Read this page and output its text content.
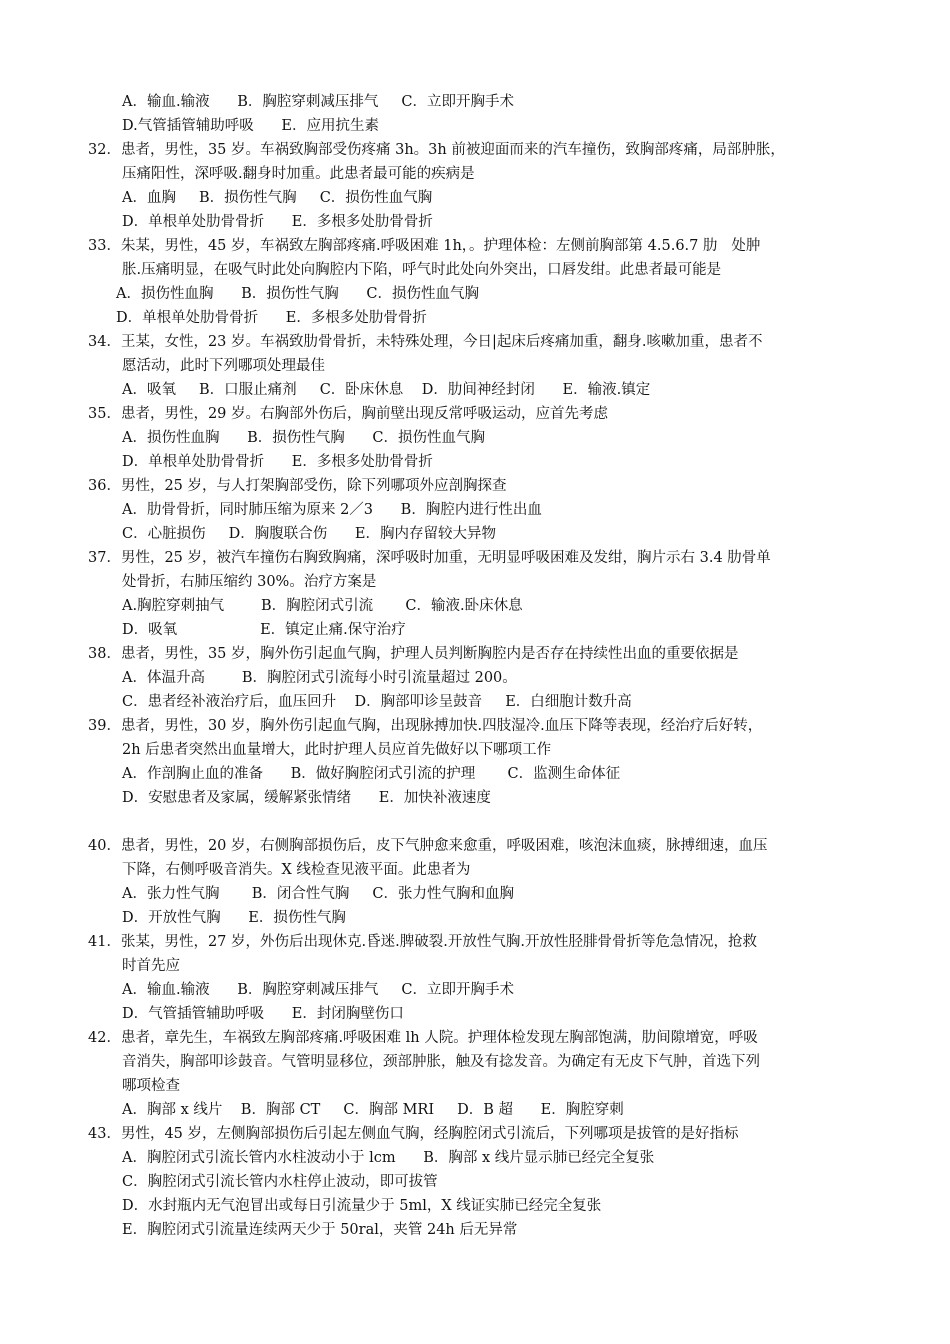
A．输血.输液      B．胸腔穿刺减压排气     C．立即开胸手术
D.气管插管辅助呼吸      E．应用抗生素
32．患者，男性，35 岁。车祸致胸部受伤疼痛 3h。3h 前被迎面而来的汽车撞伤，致胸部疼痛，局部肿胀，
压痛阳性，深呼吸.翻身时加重。此患者最可能的疾病是
A．血胸     B．损伤性气胸     C．损伤性血气胸
D．单根单处肋骨骨折      E．多根多处肋骨骨折
33．朱某，男性，45 岁，车祸致左胸部疼痛.呼吸困难 1h，。护理体检：左侧前胸部第 4.5.6.7 肋   处肿
胀.压痛明显，在吸气时此处向胸腔内下陷，呼气时此处向外突出，口唇发绀。此患者最可能是
A．损伤性血胸      B．损伤性气胸      C．损伤性血气胸
D．单根单处肋骨骨折      E．多根多处肋骨骨折
34．王某，女性，23 岁。车祸致肋骨骨折，未特殊处理，今日|起床后疼痛加重，翻身.咳嗽加重，患者不
愿活动，此时下列哪项处理最佳
A．吸氧     B．口服止痛剂     C．卧床休息    D．肋间神经封闭      E．输液.镇定
35．患者，男性，29 岁。右胸部外伤后，胸前壁出现反常呼吸运动，应首先考虑
A．损伤性血胸      B．损伤性气胸      C．损伤性血气胸
D．单根单处肋骨骨折      E．多根多处肋骨骨折
36．男性，25 岁，与人打架胸部受伤，除下列哪项外应剖胸探查
A．肋骨骨折，同时肺压缩为原来 2／3      B．胸腔内进行性出血
C．心脏损伤     D．胸腹联合伤      E．胸内存留较大异物
37．男性，25 岁，被汽车撞伤右胸致胸痛，深呼吸时加重，无明显呼吸困难及发绀，胸片示右 3.4 肋骨单
处骨折，右肺压缩约 30%。治疗方案是
A.胸腔穿刺抽气        B．胸腔闭式引流       C．输液.卧床休息
D．吸氧                  E．镇定止痛.保守治疗
38．患者，男性，35 岁，胸外伤引起血气胸，护理人员判断胸腔内是否存在持续性出血的重要依据是
A．体温升高        B．胸腔闭式引流每小时引流量超过 200。
C．患者经补液治疗后，血压回升    D．胸部叩诊呈鼓音     E．白细胞计数升高
39．患者，男性，30 岁，胸外伤引起血气胸，出现脉搏加快.四肢湿冷.血压下降等表现，经治疗后好转，
2h 后患者突然出血量增大，此时护理人员应首先做好以下哪项工作
A．作剖胸止血的准备      B．做好胸腔闭式引流的护理       C．监测生命体征
D．安慰患者及家属，缓解紧张情绪      E．加快补液速度
40．患者，男性，20 岁，右侧胸部损伤后，皮下气肿愈来愈重，呼吸困难，咳泡沫血痰，脉搏细速，血压
下降，右侧呼吸音消失。X 线检查见液平面。此患者为
A．张力性气胸       B．闭合性气胸     C．张力性气胸和血胸
D．开放性气胸      E．损伤性气胸
41．张某，男性，27 岁，外伤后出现休克.昏迷.脾破裂.开放性气胸.开放性胫腓骨骨折等危急情况，抢救
时首先应
A．输血.输液      B．胸腔穿刺减压排气     C．立即开胸手术
D．气管插管辅助呼吸      E．封闭胸壁伤口
42．患者，章先生，车祸致左胸部疼痛.呼吸困难 lh 人院。护理体检发现左胸部饱满，肋间隙增宽，呼吸
音消失，胸部叩诊鼓音。气管明显移位，颈部肿胀，触及有捻发音。为确定有无皮下气肿，首选下列
哪项检查
A．胸部 x 线片    B．胸部 CT     C．胸部 MRI     D．B 超      E．胸腔穿刺
43．男性，45 岁，左侧胸部损伤后引起左侧血气胸，经胸腔闭式引流后，下列哪项是拔管的是好指标
A．胸腔闭式引流长管内水柱波动小于 lcm      B．胸部 x 线片显示肺已经完全复张
C．胸腔闭式引流长管内水柱停止波动，即可拔管
D．水封瓶内无气泡冒出或每日引流量少于 5ml，X 线证实肺已经完全复张
E．胸腔闭式引流量连续两天少于 50ral，夹管 24h 后无异常
